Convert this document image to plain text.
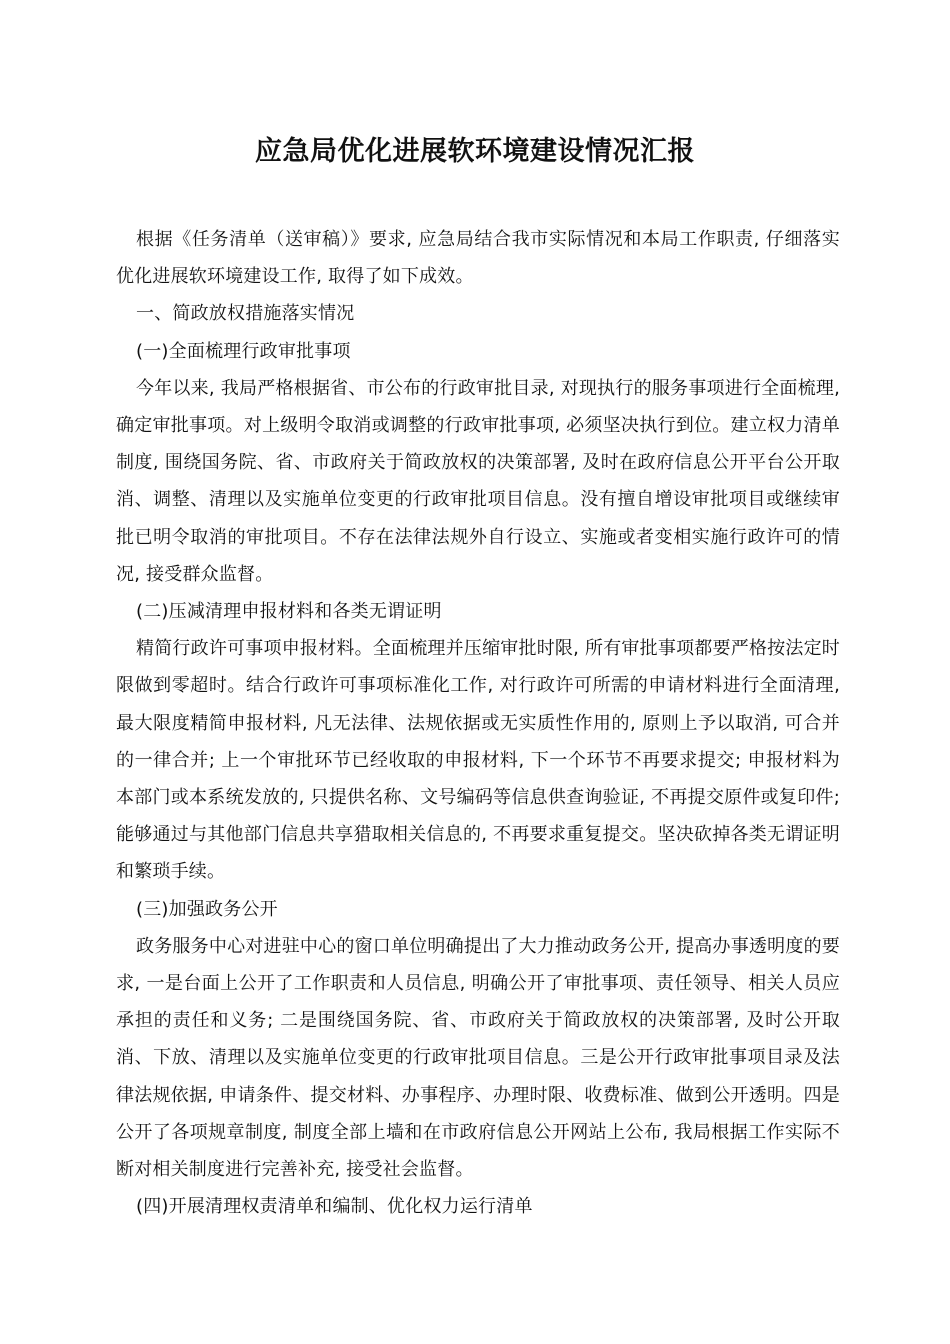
应急局优化进展软环境建设情况汇报

根据《任务清单（送审稿）》要求, 应急局结合我市实际情况和本局工作职责, 仔细落实优化进展软环境建设工作, 取得了如下成效。

一、简政放权措施落实情况

(一)全面梳理行政审批事项

今年以来, 我局严格根据省、市公布的行政审批目录, 对现执行的服务事项进行全面梳理, 确定审批事项。对上级明令取消或调整的行政审批事项, 必须坚决执行到位。建立权力清单制度, 围绕国务院、省、市政府关于简政放权的决策部署, 及时在政府信息公开平台公开取消、调整、清理以及实施单位变更的行政审批项目信息。没有擅自增设审批项目或继续审批已明令取消的审批项目。不存在法律法规外自行设立、实施或者变相实施行政许可的情况, 接受群众监督。

(二)压减清理申报材料和各类无谓证明

精简行政许可事项申报材料。全面梳理并压缩审批时限, 所有审批事项都要严格按法定时限做到零超时。结合行政许可事项标准化工作, 对行政许可所需的申请材料进行全面清理, 最大限度精简申报材料, 凡无法律、法规依据或无实质性作用的, 原则上予以取消, 可合并的一律合并; 上一个审批环节已经收取的申报材料, 下一个环节不再要求提交; 申报材料为本部门或本系统发放的, 只提供名称、文号编码等信息供查询验证, 不再提交原件或复印件; 能够通过与其他部门信息共享猎取相关信息的, 不再要求重复提交。坚决砍掉各类无谓证明和繁琐手续。

(三)加强政务公开

政务服务中心对进驻中心的窗口单位明确提出了大力推动政务公开, 提高办事透明度的要求, 一是台面上公开了工作职责和人员信息, 明确公开了审批事项、责任领导、相关人员应承担的责任和义务; 二是围绕国务院、省、市政府关于简政放权的决策部署, 及时公开取消、下放、清理以及实施单位变更的行政审批项目信息。三是公开行政审批事项目录及法律法规依据, 申请条件、提交材料、办事程序、办理时限、收费标准、做到公开透明。四是公开了各项规章制度, 制度全部上墙和在市政府信息公开网站上公布, 我局根据工作实际不断对相关制度进行完善补充, 接受社会监督。

(四)开展清理权责清单和编制、优化权力运行清单
